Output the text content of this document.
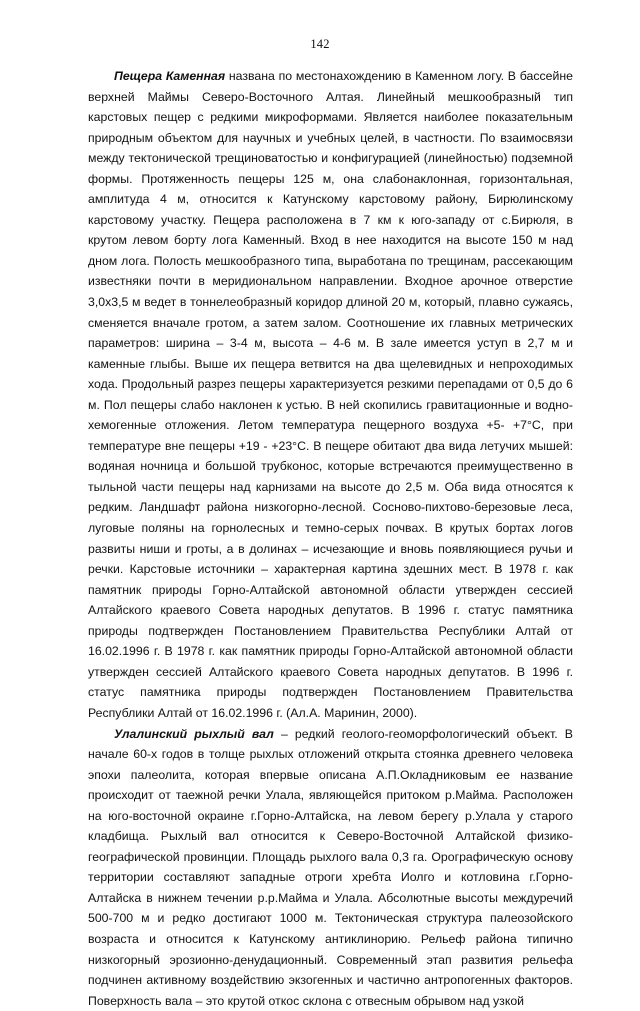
142

Пещера Каменная названа по местонахождению в Каменном логу. В бассейне верхней Маймы Северо-Восточного Алтая. Линейный мешкообразный тип карстовых пещер с редкими микроформами. Является наиболее показательным природным объектом для научных и учебных целей, в частности. По взаимосвязи между тектонической трещиноватостью и конфигурацией (линейностью) подземной формы. Протяженность пещеры 125 м, она слабонаклонная, горизонтальная, амплитуда 4 м, относится к Катунскому карстовому району, Бирюлинскому карстовому участку. Пещера расположена в 7 км к юго-западу от с.Бирюля, в крутом левом борту лога Каменный. Вход в нее находится на высоте 150 м над дном лога. Полость мешкообразного типа, выработана по трещинам, рассекающим известняки почти в меридиональном направлении. Входное арочное отверстие 3,0х3,5 м ведет в тоннелеобразный коридор длиной 20 м, который, плавно сужаясь, сменяется вначале гротом, а затем залом. Соотношение их главных метрических параметров: ширина – 3-4 м, высота – 4-6 м. В зале имеется уступ в 2,7 м и каменные глыбы. Выше их пещера ветвится на два щелевидных и непроходимых хода. Продольный разрез пещеры характеризуется резкими перепадами от 0,5 до 6 м. Пол пещеры слабо наклонен к устью. В ней скопились гравитационные и водно-хемогенные отложения. Летом температура пещерного воздуха +5- +7°С, при температуре вне пещеры +19 - +23°С. В пещере обитают два вида летучих мышей: водяная ночница и большой трубконос, которые встречаются преимущественно в тыльной части пещеры над карнизами на высоте до 2,5 м. Оба вида относятся к редким. Ландшафт района низкогорно-лесной. Сосново-пихтово-березовые леса, луговые поляны на горнолесных и темно-серых почвах. В крутых бортах логов развиты ниши и гроты, а в долинах – исчезающие и вновь появляющиеся ручьи и речки. Карстовые источники – характерная картина здешних мест. В 1978 г. как памятник природы Горно-Алтайской автономной области утвержден сессией Алтайского краевого Совета народных депутатов. В 1996 г. статус памятника природы подтвержден Постановлением Правительства Республики Алтай от 16.02.1996 г. В 1978 г. как памятник природы Горно-Алтайской автономной области утвержден сессией Алтайского краевого Совета народных депутатов. В 1996 г. статус памятника природы подтвержден Постановлением Правительства Республики Алтай от 16.02.1996 г. (Ал.А. Маринин, 2000).

Улалинский рыхлый вал – редкий геолого-геоморфологический объект. В начале 60-х годов в толще рыхлых отложений открыта стоянка древнего человека эпохи палеолита, которая впервые описана А.П.Окладниковым ее название происходит от таежной речки Улала, являющейся притоком р.Майма. Расположен на юго-восточной окраине г.Горно-Алтайска, на левом берегу р.Улала у старого кладбища. Рыхлый вал относится к Северо-Восточной Алтайской физико-географической провинции. Площадь рыхлого вала 0,3 га. Орографическую основу территории составляют западные отроги хребта Иолго и котловина г.Горно-Алтайска в нижнем течении р.р.Майма и Улала. Абсолютные высоты междуречий 500-700 м и редко достигают 1000 м. Тектоническая структура палеозойского возраста и относится к Катунскому антиклинорию. Рельеф района типично низкогорный эрозионно-денудационный. Современный этап развития рельефа подчинен активному воздействию экзогенных и частично антропогенных факторов. Поверхность вала – это крутой откос склона с отвесным обрывом над узкой
